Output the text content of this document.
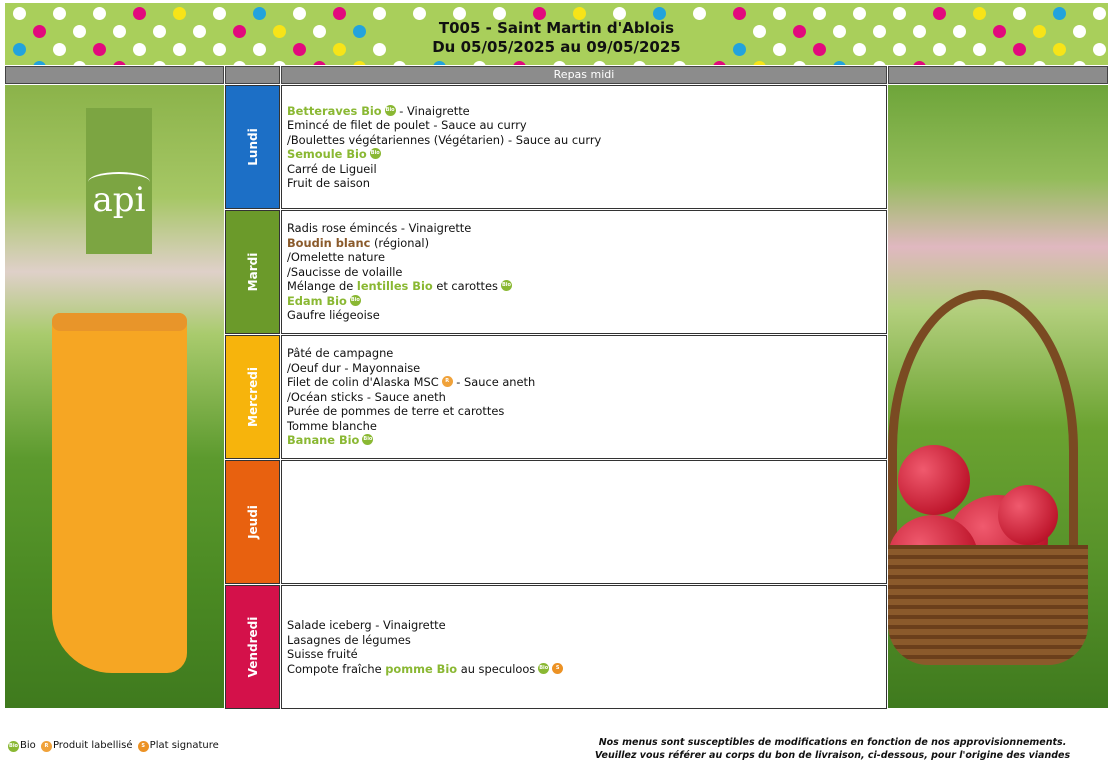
T005 - Saint Martin d'Ablois
Du 05/05/2025 au 09/05/2025
Repas midi
api
Lundi
Betteraves Bio Bio - Vinaigrette
Emincé de filet de poulet - Sauce au curry
/Boulettes végétariennes (Végétarien) - Sauce au curry
Semoule Bio Bio
Carré de Ligueil
Fruit de saison
Mardi
Radis rose émincés - Vinaigrette
Boudin blanc (régional)
/Omelette nature
/Saucisse de volaille
Mélange de lentilles Bio et carottes Bio
Edam Bio Bio
Gaufre liégeoise
Mercredi
Pâté de campagne
/Oeuf dur - Mayonnaise
Filet de colin d'Alaska MSC R - Sauce aneth
/Océan sticks - Sauce aneth
Purée de pommes de terre et carottes
Tomme blanche
Banane Bio Bio
Jeudi
Vendredi Salade iceberg - Vinaigrette
Lasagnes de légumes
Suisse fruité
Compote fraîche pomme Bio au speculoos Bio S
Bio Bio R Produit labellisé S Plat signature	Nos menus sont susceptibles de modifications en fonction de nos approvisionnements.
Veuillez vous référer au corps du bon de livraison, ci-dessous, pour l'origine des viandes
